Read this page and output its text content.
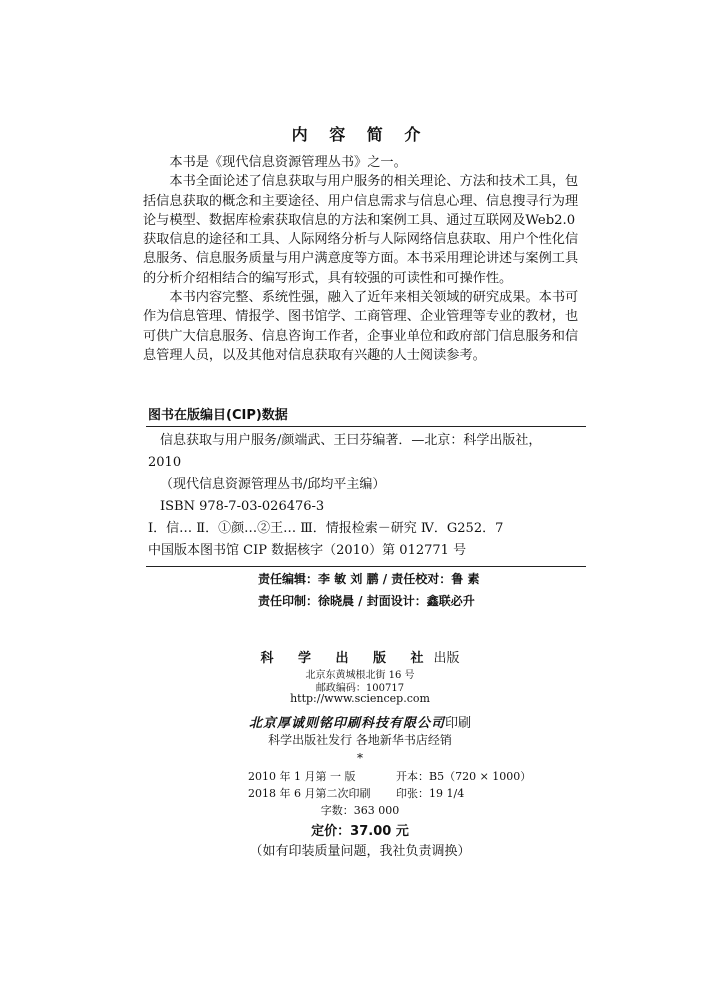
内 容 简 介

本书是《现代信息资源管理丛书》之一。

本书全面论述了信息获取与用户服务的相关理论、方法和技术工具，包括信息获取的概念和主要途径、用户信息需求与信息心理、信息搜寻行为理论与模型、数据库检索获取信息的方法和案例工具、通过互联网及Web2.0获取信息的途径和工具、人际网络分析与人际网络信息获取、用户个性化信息服务、信息服务质量与用户满意度等方面。本书采用理论讲述与案例工具的分析介绍相结合的编写形式，具有较强的可读性和可操作性。

本书内容完整、系统性强，融入了近年来相关领域的研究成果。本书可作为信息管理、情报学、图书馆学、工商管理、企业管理等专业的教材，也可供广大信息服务、信息咨询工作者，企事业单位和政府部门信息服务和信息管理人员，以及其他对信息获取有兴趣的人士阅读参考。

图书在版编目(CIP)数据
信息获取与用户服务/颜端武、王曰芬编著．—北京：科学出版社，
2010
（现代信息资源管理丛书/邱均平主编）
ISBN 978-7-03-026476-3
Ⅰ．信… Ⅱ．①颜…②王… Ⅲ．情报检索－研究 Ⅳ．G252．7
中国版本图书馆 CIP 数据核字（2010）第 012771 号
责任编辑：李 敏 刘 鹏 / 责任校对：鲁 素
责任印制：徐晓晨 / 封面设计：鑫联必升
科 学 出 版 社出版
北京东黄城根北街 16 号
邮政编码：100717
http://www.sciencep.com
北京厚诚则铭印刷科技有限公司印刷
科学出版社发行 各地新华书店经销
*
2010 年 1 月第 一 版	开本：B5（720 × 1000）
2018 年 6 月第二次印刷 印张：19 1/4
字数：363 000
定价：37.00 元
（如有印装质量问题，我社负责调换）
